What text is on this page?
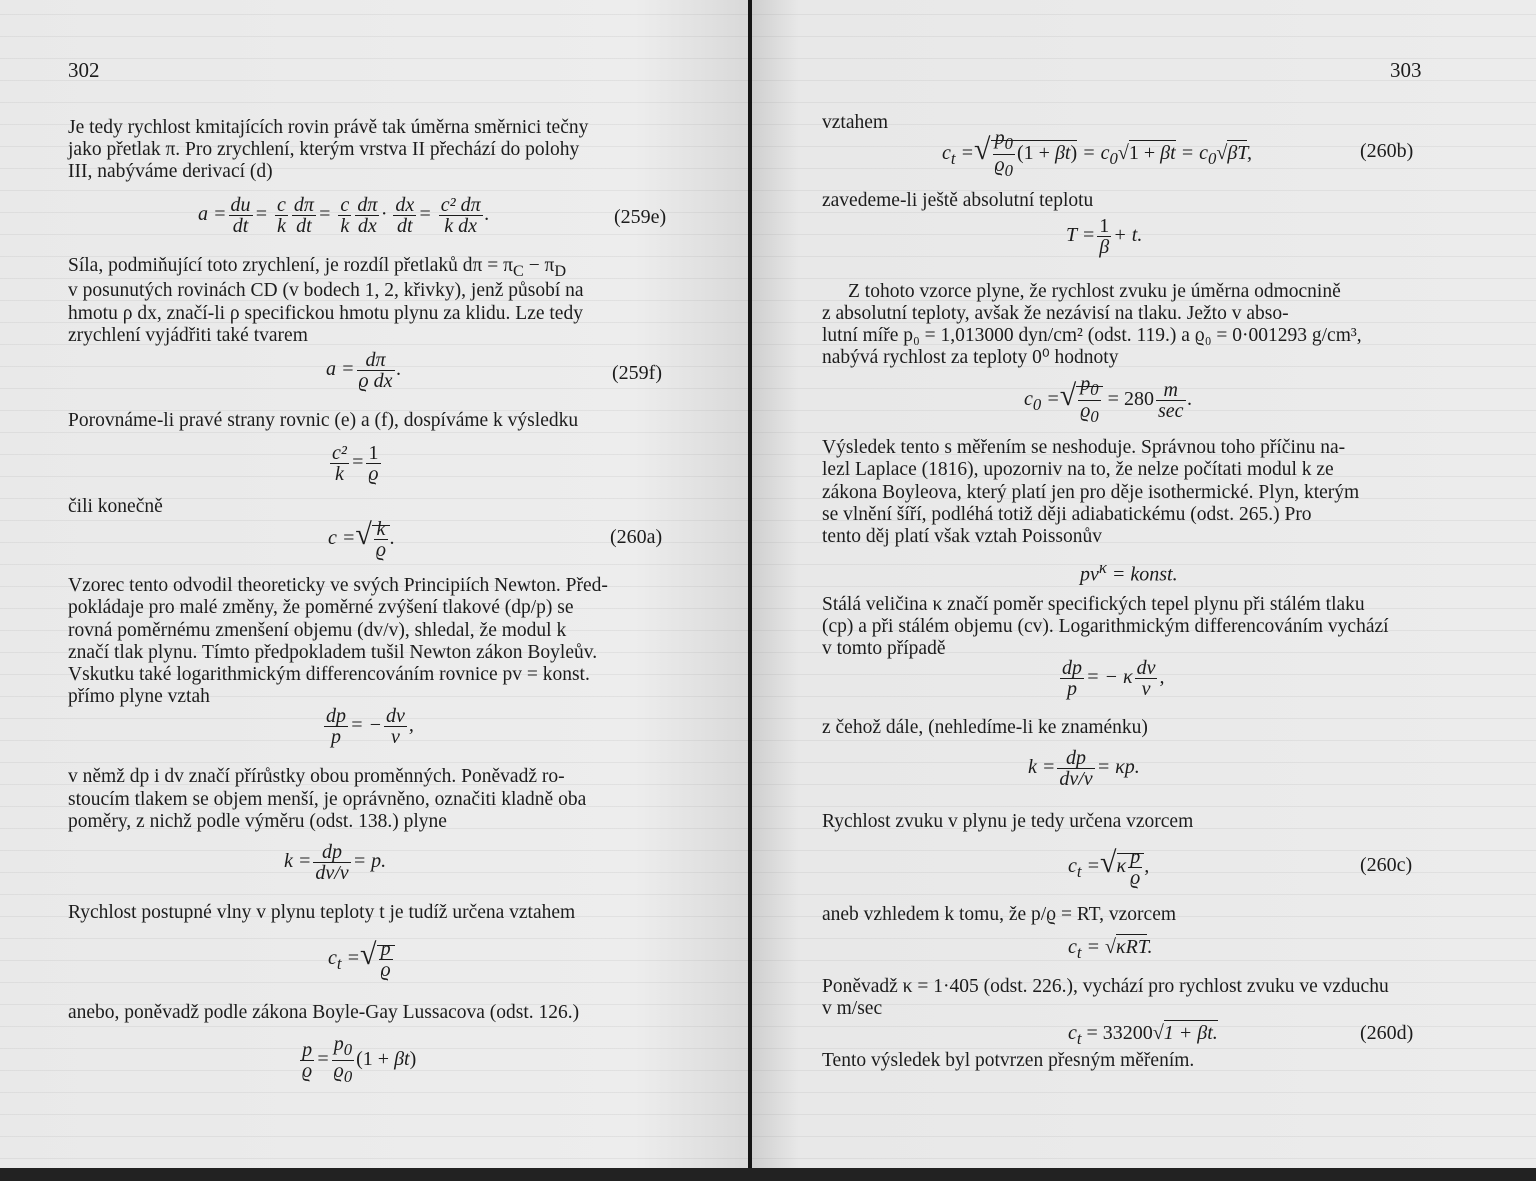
302
Je tedy rychlost kmitajících rovin právě tak úměrna směrnici tečny
jako přetlak π. Pro zrychlení, kterým vrstva II přechází do polohy
III, nabýváme derivací (d)
$a = \frac{du}{dt} = \frac{c}{k} \frac{d\pi}{dt} = \frac{c}{k} \frac{d\pi}{dx} \cdot \frac{dx}{dt} = \frac{\text{c² dπ}}{\text{k dx}}$ .	(259e)
Síla, podmiňující toto zrychlení, je rozdíl přetlaků $d\pi = \pi_C - \pi_D$
v posunutých rovinách CD (v bodech 1, 2, křivky), jenž působí na
hmotu ρ dx, značí-li ρ specifickou hmotu plynu za klidu. Lze tedy
zrychlení vyjádřiti také tvarem
$a = \frac{d\pi}{\text{ϱ dx}}$ .	(259f)
Porovnáme-li pravé strany rovnic (e) a (f), dospíváme k výsledku
$\frac{\text{c²}}{k} = \frac{1}{ϱ}$
čili konečně
c =√ $\frac{k}{ϱ}$ .	(260a)
Vzorec tento odvodil theoreticky ve svých Principiích Newton. Před-
pokládaje pro malé změny, že poměrné zvýšení tlakové (dp/p) se
rovná poměrnému zmenšení objemu (dv/v), shledal, že modul k
značí tlak plynu. Tímto předpokladem tušil Newton zákon Boyleův.
Vskutku také logarithmickým differencováním rovnice pv = konst.
přímo plyne vztah
$\frac{dp}{p}$ = − $\frac{dv}{v}$ ,
v němž dp i dv značí přírůstky obou proměnných. Poněvadž ro-
stoucím tlakem se objem menší, je oprávněno, označiti kladně oba
poměry, z nichž podle výměru (odst. 138.) plyne
$k = \frac{dp}{dv/v} = p$.
Rychlost postupné vlny v plynu teploty t je tudíž určena vztahem
$c_t$ =√ $\frac{p}{ϱ}$
anebo, poněvadž podle zákona Boyle-Gay Lussacova (odst. 126.)
$\frac{p}{ϱ} = \frac{p_0}{ϱ_0} (1 + \beta t)$
303
vztahem
$c_t$ =√ $\frac{p_0}{ϱ_0} (1 + \beta t) = c_0√1 + \beta t = c_0√\beta T$,	(260b)
zavedeme-li ještě absolutní teplotu
$T = \frac{1}{\beta} + t$.
Z tohoto vzorce plyne, že rychlost zvuku je úměrna odmocnině
z absolutní teploty, avšak že nezávisí na tlaku. Ježto v abso-
lutní míře p₀ = 1,013000 dyn/cm² (odst. 119.) a ϱ₀ = 0·001293 g/cm³,
nabývá rychlost za teploty 0⁰ hodnoty
$c_0$ =√ $\frac{p_0}{ϱ_0} = 280 \frac{m}{\sec}$ .
Výsledek tento s měřením se neshoduje. Správnou toho příčinu na-
lezl Laplace (1816), upozorniv na to, že nelze počítati modul k ze
zákona Boyleova, který platí jen pro děje isothermické. Plyn, kterým
se vlnění šíří, podléhá totiž ději adiabatickému (odst. 265.) Pro
tento děj platí však vztah Poissonův
$pv^\kappa$ = konst.
Stálá veličina κ značí poměr specifických tepel plynu při stálém tlaku
(cp) a při stálém objemu (cv). Logarithmickým differencováním vychází
v tomto případě
$\frac{dp}{p}$ = − κ $\frac{dv}{v}$ ,
z čehož dále, (nehledíme-li ke znaménku)
$k = \frac{dp}{dv/v} = \kappa p$.
Rychlost zvuku v plynu je tedy určena vzorcem
$c_t =√\kappa \frac{p}{ϱ}$ ,	(260c)
aneb vzhledem k tomu, že p/ϱ = RT, vzorcem
$c_t = √\kappa RT$.
Poněvadž κ = 1·405 (odst. 226.), vychází pro rychlost zvuku ve vzduchu
v m/sec
$c_t = 33200√1 + \beta t$.	(260d)
Tento výsledek byl potvrzen přesným měřením.
